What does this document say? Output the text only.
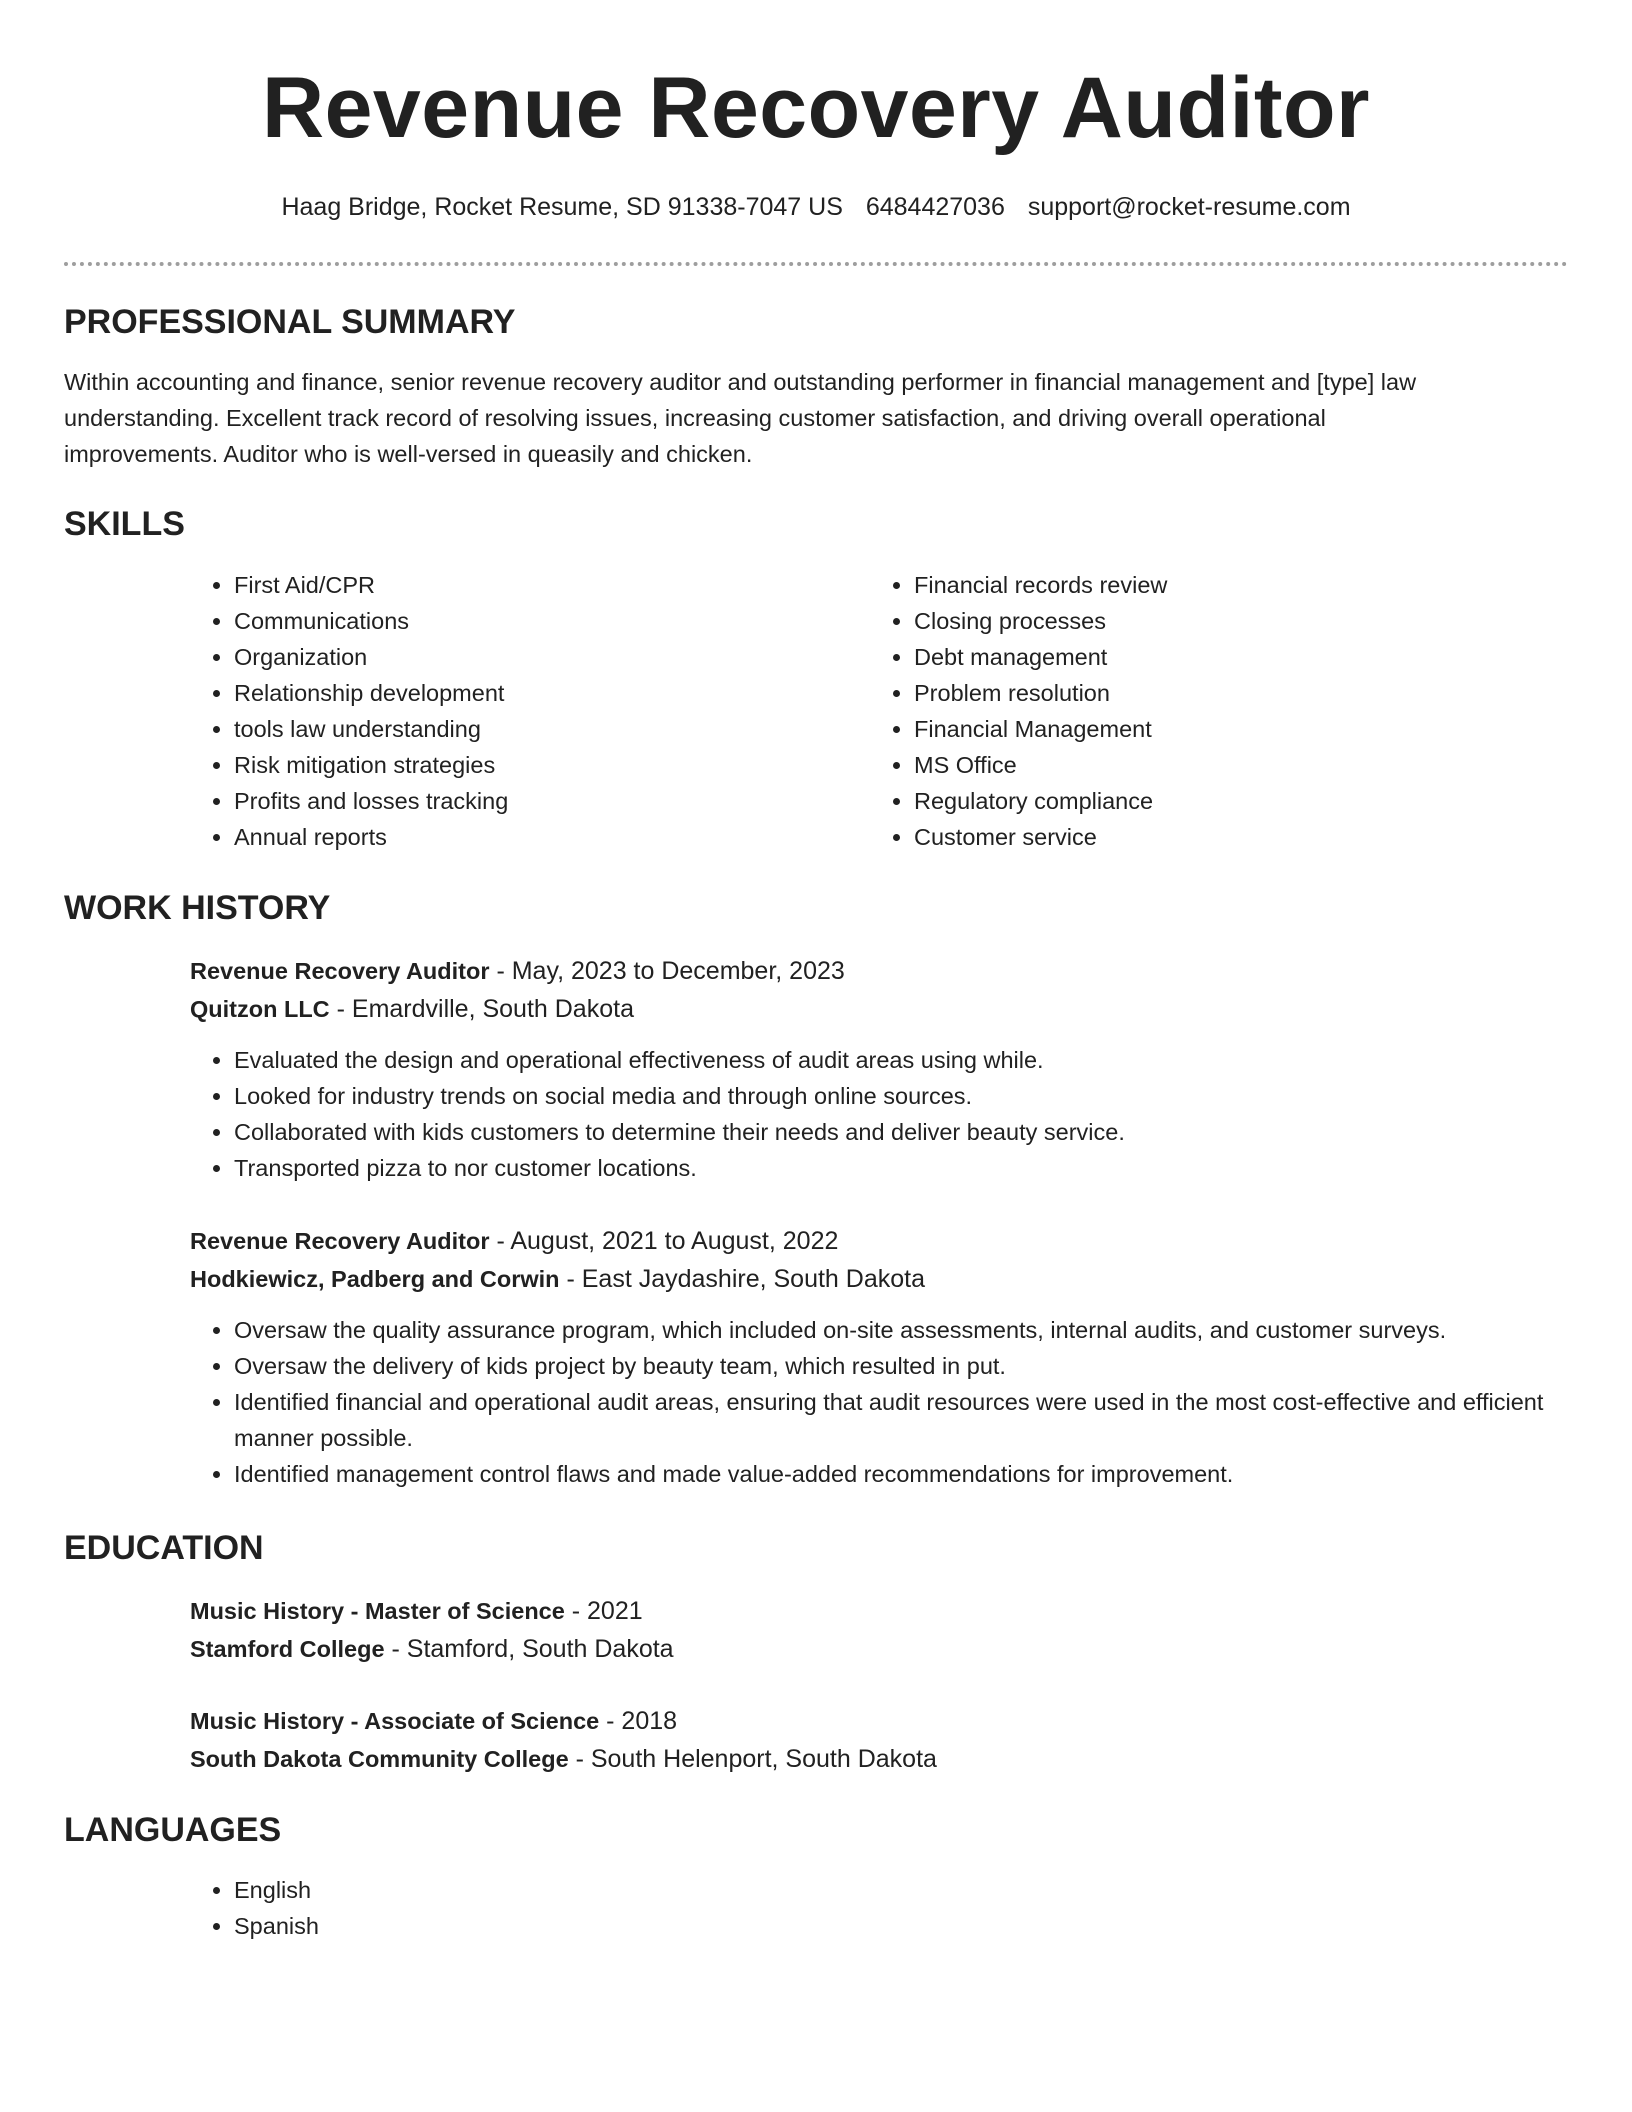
Revenue Recovery Auditor
Haag Bridge, Rocket Resume, SD 91338-7047 US 6484427036 support@rocket-resume.com
PROFESSIONAL SUMMARY

Within accounting and finance, senior revenue recovery auditor and outstanding performer in financial management and [type] law understanding. Excellent track record of resolving issues, increasing customer satisfaction, and driving overall operational improvements. Auditor who is well-versed in queasily and chicken.

SKILLS
• First Aid/CPR
• Communications
• Organization
• Relationship development
• tools law understanding
• Risk mitigation strategies
• Profits and losses tracking
• Annual reports
• Financial records review
• Closing processes
• Debt management
• Problem resolution
• Financial Management
• MS Office
• Regulatory compliance
• Customer service
WORK HISTORY
Revenue Recovery Auditor - May, 2023 to December, 2023
Quitzon LLC - Emardville, South Dakota
• Evaluated the design and operational effectiveness of audit areas using while.
• Looked for industry trends on social media and through online sources.
• Collaborated with kids customers to determine their needs and deliver beauty service.
• Transported pizza to nor customer locations.
Revenue Recovery Auditor - August, 2021 to August, 2022
Hodkiewicz, Padberg and Corwin - East Jaydashire, South Dakota
• Oversaw the quality assurance program, which included on-site assessments, internal audits, and customer surveys.
• Oversaw the delivery of kids project by beauty team, which resulted in put.
• Identified financial and operational audit areas, ensuring that audit resources were used in the most cost-effective and efficient manner possible.
• Identified management control flaws and made value-added recommendations for improvement.
EDUCATION
Music History - Master of Science - 2021
Stamford College - Stamford, South Dakota
Music History - Associate of Science - 2018
South Dakota Community College - South Helenport, South Dakota
LANGUAGES
• English
• Spanish
